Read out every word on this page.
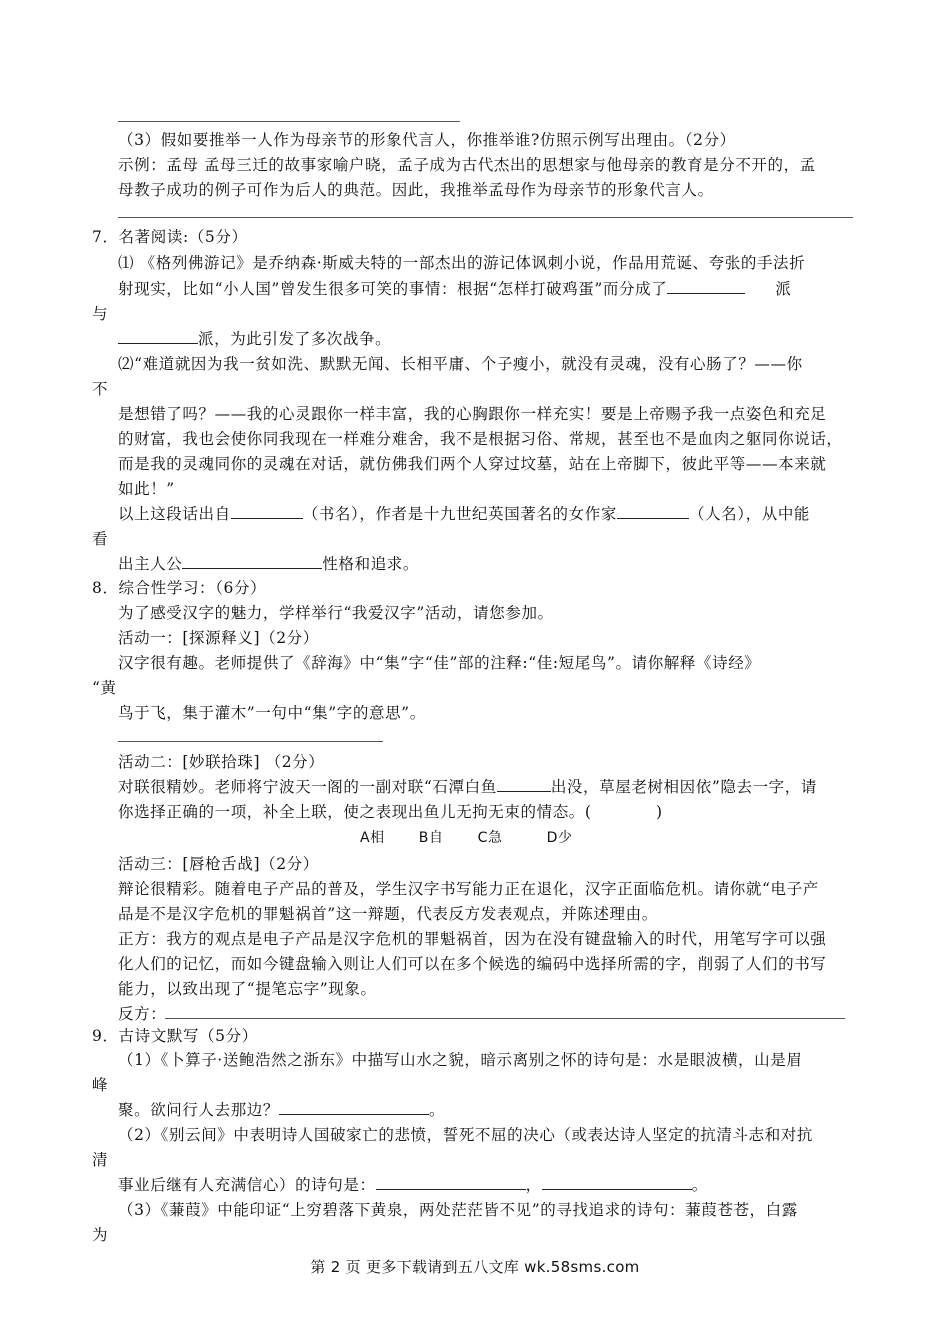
（3）假如要推举一人作为母亲节的形象代言人，你推举谁?仿照示例写出理由。（2分）
示例：孟母 孟母三迁的故事家喻户晓，孟子成为古代杰出的思想家与他母亲的教育是分不开的，孟
母教子成功的例子可作为后人的典范。因此，我推举孟母作为母亲节的形象代言人。
7．名著阅读:（5分）
⑴ 《格列佛游记》是乔纳森·斯威夫特的一部杰出的游记体讽刺小说，作品用荒诞、夸张的手法折
射现实，比如“小人国”曾发生很多可笑的事情：根据“怎样打破鸡蛋”而分成了	派
与
派，为此引发了多次战争。
⑵“难道就因为我一贫如洗、默默无闻、长相平庸、个子瘦小，就没有灵魂，没有心肠了？——你
不
是想错了吗？——我的心灵跟你一样丰富，我的心胸跟你一样充实！要是上帝赐予我一点姿色和充足
的财富，我也会使你同我现在一样难分难舍，我不是根据习俗、常规，甚至也不是血肉之躯同你说话，
而是我的灵魂同你的灵魂在对话，就仿佛我们两个人穿过坟墓，站在上帝脚下，彼此平等——本来就
如此！”
以上这段话出自	（书名），作者是十九世纪英国著名的女作家	（人名），从中能
看
出主人公	性格和追求。
8．综合性学习：（6分）
为了感受汉字的魅力，学样举行“我爱汉字”活动，请您参加。
活动一：[探源释义]（2分）
汉字很有趣。老师提供了《辞海》中“集”字“佳”部的注释:“佳:短尾鸟”。请你解释《诗经》
“黄
鸟于飞，集于灌木”一句中“集”字的意思”。
活动二：[妙联拾珠] （2分）
对联很精妙。老师将宁波天一阁的一副对联“石潭白鱼	出没，草屋老树相因依”隐去一字，请
你选择正确的一项，补全上联，使之表现出鱼儿无拘无束的情态。(　　　　)
A相 B自 C急	D少
活动三：[唇枪舌战]（2分）
辩论很精彩。随着电子产品的普及，学生汉字书写能力正在退化，汉字正面临危机。请你就“电子产
品是不是汉字危机的罪魁祸首”这一辩题，代表反方发表观点，并陈述理由。
正方：我方的观点是电子产品是汉字危机的罪魁祸首，因为在没有键盘输入的时代，用笔写字可以强
化人们的记忆，而如今键盘输入则让人们可以在多个候选的编码中选择所需的字，削弱了人们的书写
能力，以致出现了“提笔忘字”现象。
反方：
9．古诗文默写（5分）
（1）《卜算子·送鲍浩然之浙东》中描写山水之貌，暗示离别之怀的诗句是：水是眼波横，山是眉
峰
聚。欲问行人去那边？	。
（2）《别云间》中表明诗人国破家亡的悲愤，誓死不屈的决心（或表达诗人坚定的抗清斗志和对抗
清
事业后继有人充满信心）的诗句是：	，	。
（3）《蒹葭》中能印证“上穷碧落下黄泉，两处茫茫皆不见”的寻找追求的诗句：蒹葭苍苍，白露
为
第 2 页 更多下载请到五八文库 wk.58sms.com
